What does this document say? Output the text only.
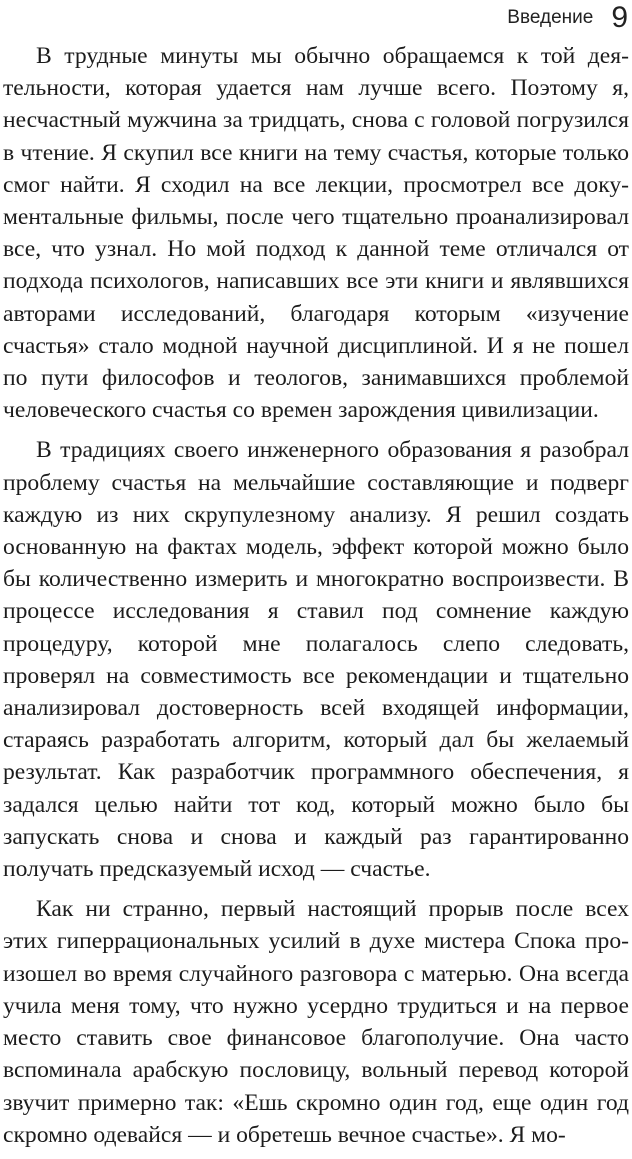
Введение 9

В трудные минуты мы обычно обращаемся к той деятельности, которая удается нам лучше всего. Поэтому я, несчастный мужчина за тридцать, снова с головой погрузился в чтение. Я скупил все книги на тему счастья, которые только смог найти. Я сходил на все лекции, просмотрел все документальные фильмы, после чего тщательно проанализировал все, что узнал. Но мой подход к данной теме отличался от подхода психологов, написавших все эти книги и являвшихся авторами исследований, благодаря которым «изучение счастья» стало модной научной дисциплиной. И я не пошел по пути философов и теологов, занимавшихся проблемой человеческого счастья со времен зарождения цивилизации.

В традициях своего инженерного образования я разобрал проблему счастья на мельчайшие составляющие и подверг каждую из них скрупулезному анализу. Я решил создать основанную на фактах модель, эффект которой можно было бы количественно измерить и многократно воспроизвести. В процессе исследования я ставил под сомнение каждую процедуру, которой мне полагалось слепо следовать, проверял на совместимость все рекомендации и тщательно анализировал достоверность всей входящей информации, стараясь разработать алгоритм, который дал бы желаемый результат. Как разработчик программного обеспечения, я задался целью найти тот код, который можно было бы запускать снова и снова и каждый раз гарантированно получать предсказуемый исход — счастье.

Как ни странно, первый настоящий прорыв после всех этих гиперрациональных усилий в духе мистера Спока произошел во время случайного разговора с матерью. Она всегда учила меня тому, что нужно усердно трудиться и на первое место ставить свое финансовое благополучие. Она часто вспоминала арабскую пословицу, вольный перевод которой звучит примерно так: «Ешь скромно один год, еще один год скромно одевайся — и обретешь вечное счастье». Я мо-
